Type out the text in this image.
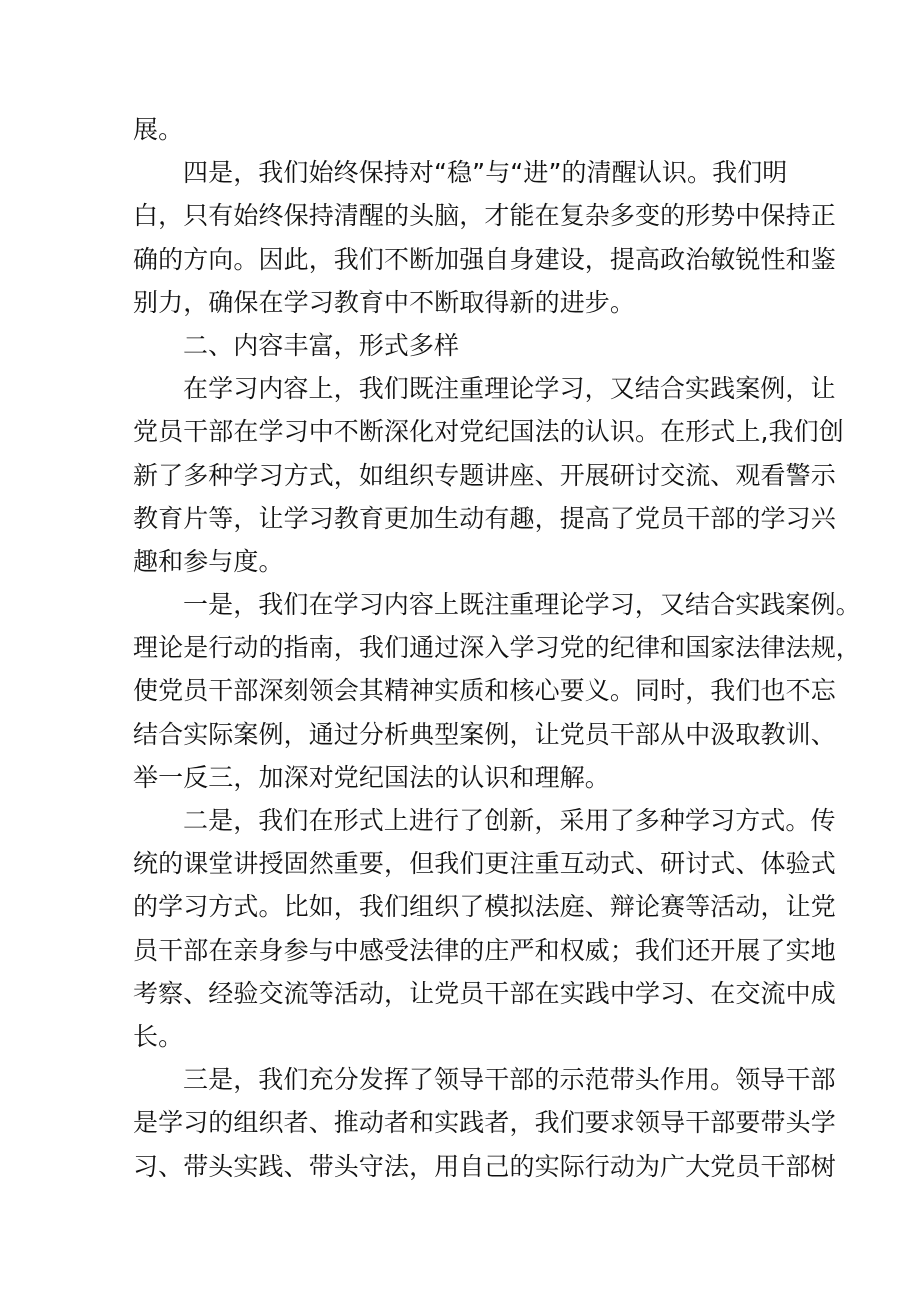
展。
四是，我们始终保持对“稳”与“进”的清醒认识。我们明
白，只有始终保持清醒的头脑，才能在复杂多变的形势中保持正
确的方向。因此，我们不断加强自身建设，提高政治敏锐性和鉴
别力，确保在学习教育中不断取得新的进步。
二、内容丰富，形式多样
在学习内容上，我们既注重理论学习，又结合实践案例，让
党员干部在学习中不断深化对党纪国法的认识。在形式上,我们创
新了多种学习方式，如组织专题讲座、开展研讨交流、观看警示
教育片等，让学习教育更加生动有趣，提高了党员干部的学习兴
趣和参与度。
一是，我们在学习内容上既注重理论学习，又结合实践案例。
理论是行动的指南，我们通过深入学习党的纪律和国家法律法规，
使党员干部深刻领会其精神实质和核心要义。同时，我们也不忘
结合实际案例，通过分析典型案例，让党员干部从中汲取教训、
举一反三，加深对党纪国法的认识和理解。
二是，我们在形式上进行了创新，采用了多种学习方式。传
统的课堂讲授固然重要，但我们更注重互动式、研讨式、体验式
的学习方式。比如，我们组织了模拟法庭、辩论赛等活动，让党
员干部在亲身参与中感受法律的庄严和权威；我们还开展了实地
考察、经验交流等活动，让党员干部在实践中学习、在交流中成
长。
三是，我们充分发挥了领导干部的示范带头作用。领导干部
是学习的组织者、推动者和实践者，我们要求领导干部要带头学
习、带头实践、带头守法，用自己的实际行动为广大党员干部树
